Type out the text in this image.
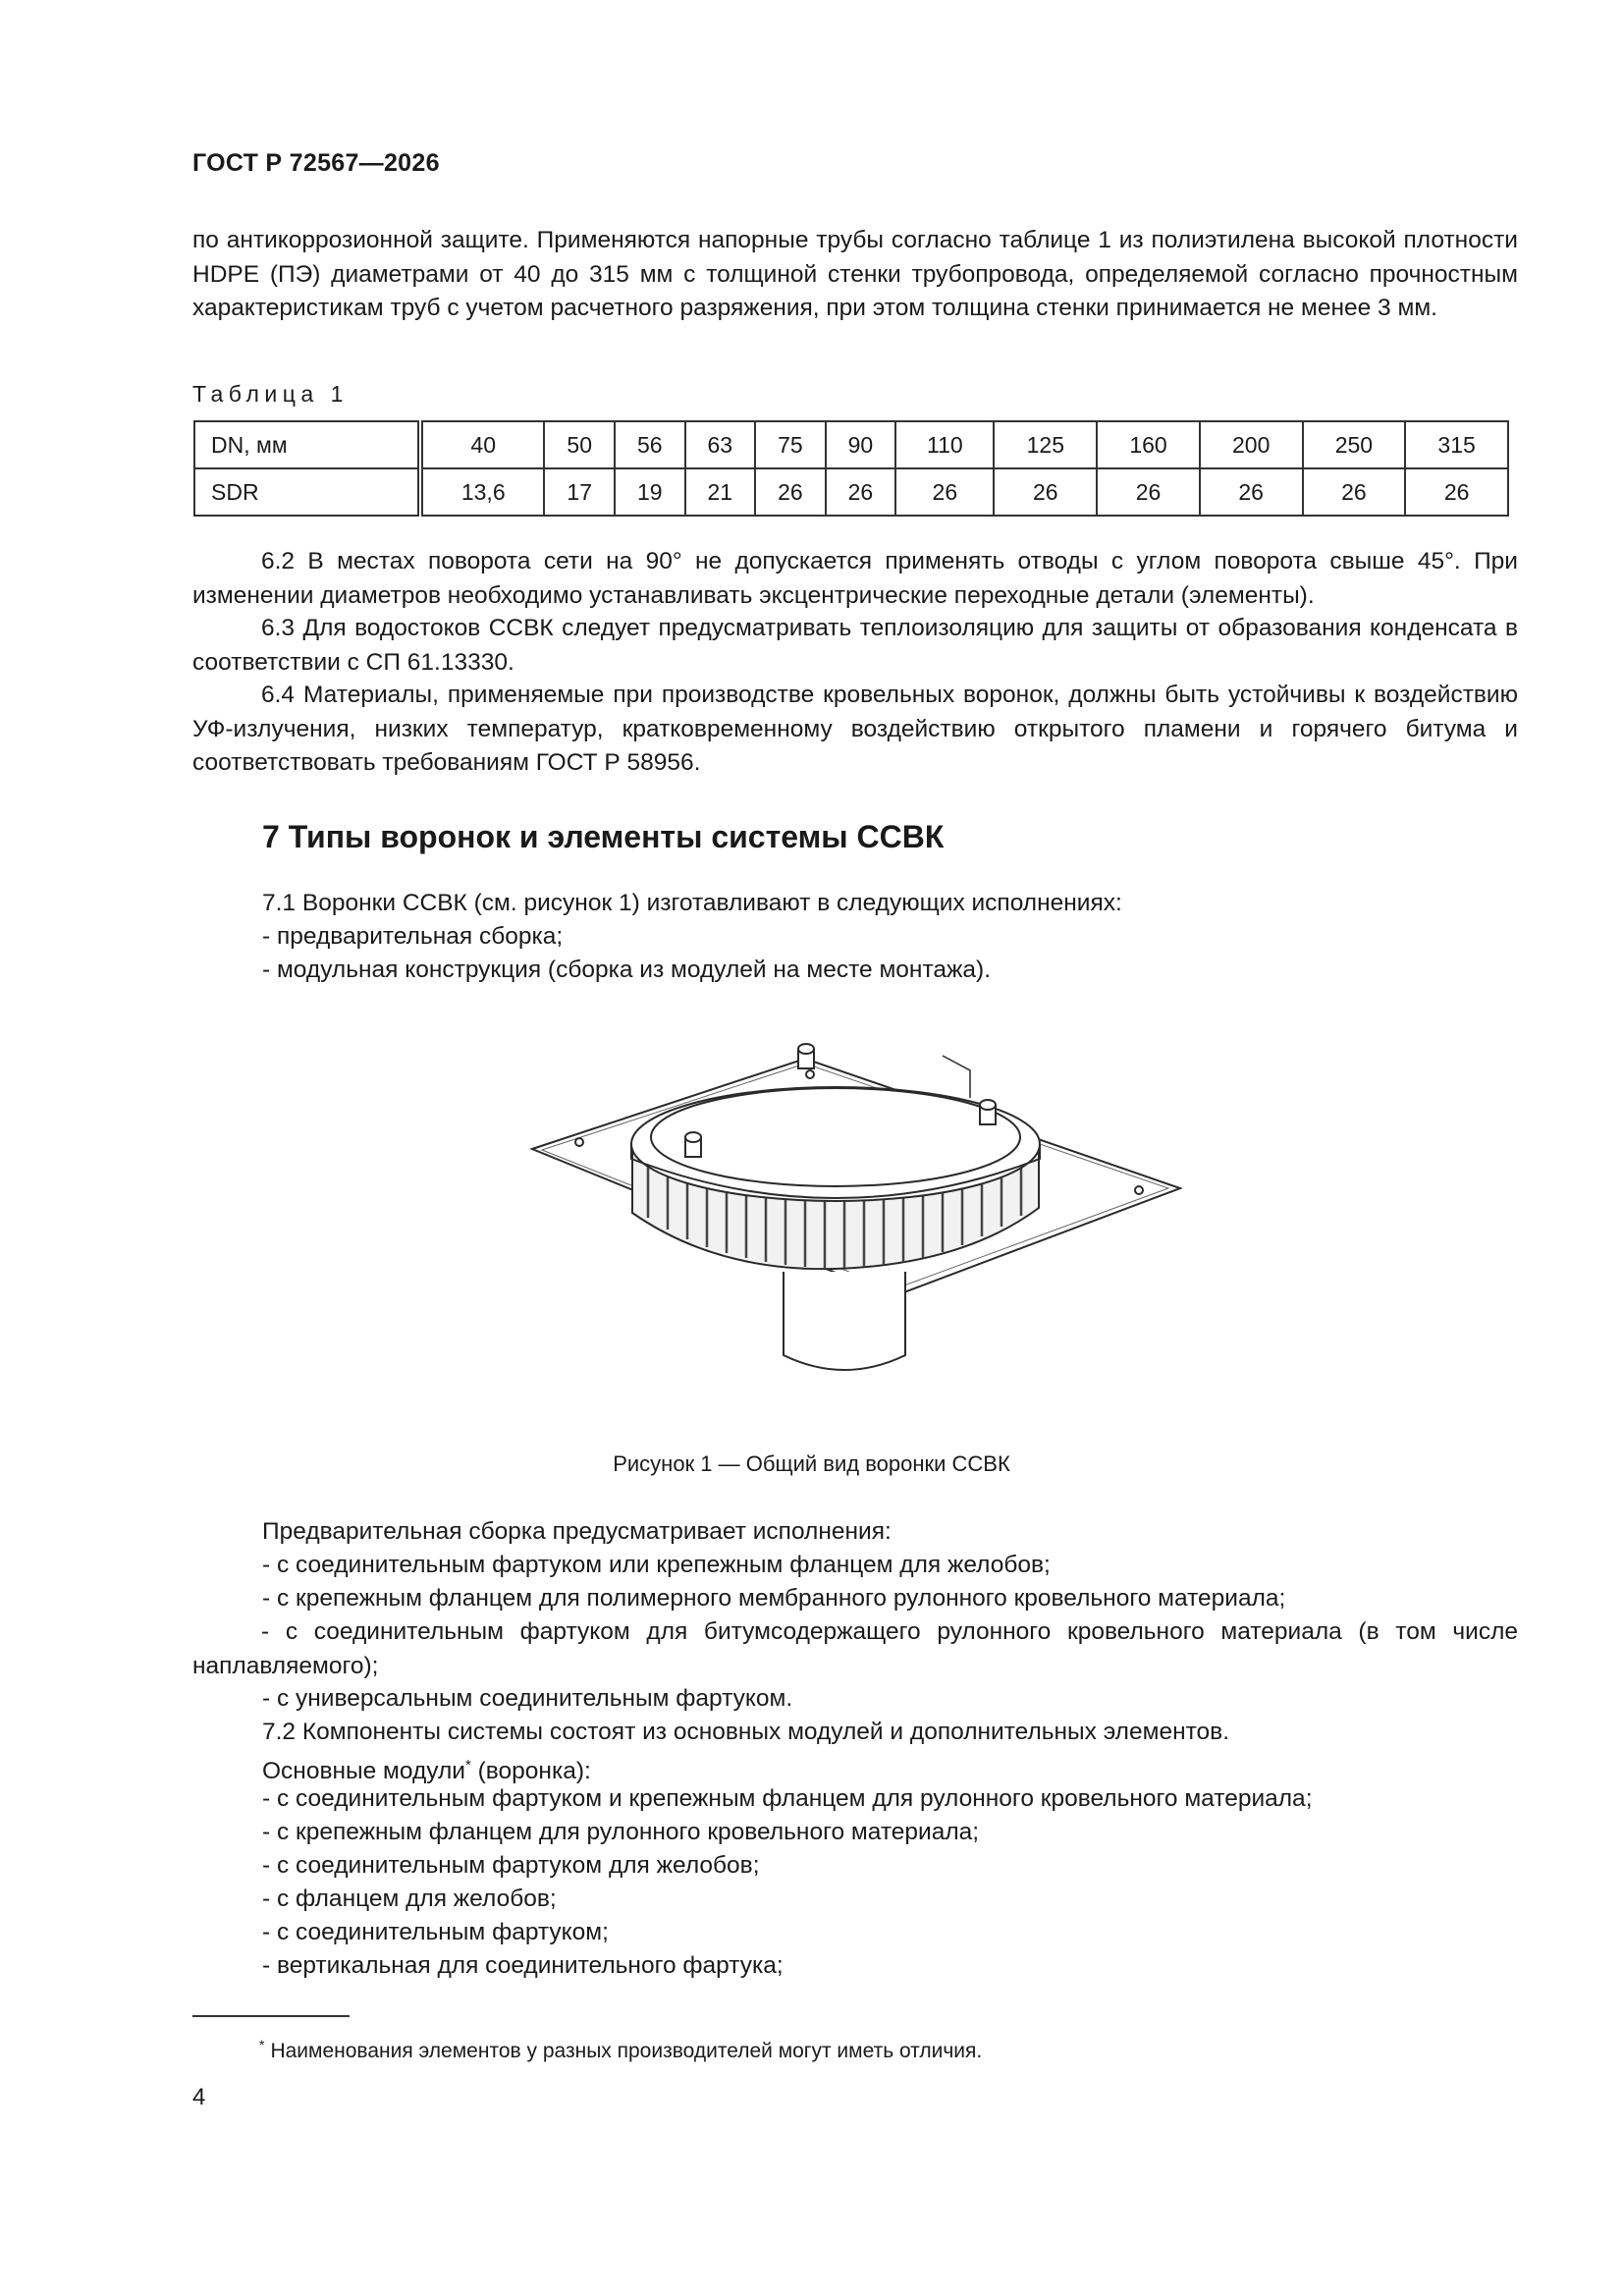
ГОСТ Р 72567—2026
по антикоррозионной защите. Применяются напорные трубы согласно таблице 1 из полиэтилена высокой плотности HDPE (ПЭ) диаметрами от 40 до 315 мм с толщиной стенки трубопровода, определяемой согласно прочностным характеристикам труб с учетом расчетного разряжения, при этом толщина стенки принимается не менее 3 мм.
Таблица 1
DN, мм	40	50	56	63	75	90	110	125	160	200	250	315
SDR	13,6	17	19	21	26	26	26	26	26	26	26	26
6.2 В местах поворота сети на 90° не допускается применять отводы с углом поворота свыше 45°. При изменении диаметров необходимо устанавливать эксцентрические переходные детали (элементы).
6.3 Для водостоков ССВК следует предусматривать теплоизоляцию для защиты от образования конденсата в соответствии с СП 61.13330.
6.4 Материалы, применяемые при производстве кровельных воронок, должны быть устойчивы к воздействию УФ-излучения, низких температур, кратковременному воздействию открытого пламени и горячего битума и соответствовать требованиям ГОСТ Р 58956.
7 Типы воронок и элементы системы ССВК
7.1 Воронки ССВК (см. рисунок 1) изготавливают в следующих исполнениях:
- предварительная сборка;
- модульная конструкция (сборка из модулей на месте монтажа).
Рисунок 1 — Общий вид воронки ССВК
Предварительная сборка предусматривает исполнения:
- с соединительным фартуком или крепежным фланцем для желобов;
- с крепежным фланцем для полимерного мембранного рулонного кровельного материала;
- с соединительным фартуком для битумсодержащего рулонного кровельного материала (в том числе наплавляемого);
- с универсальным соединительным фартуком.
7.2 Компоненты системы состоят из основных модулей и дополнительных элементов.
Основные модули* (воронка):
- с соединительным фартуком и крепежным фланцем для рулонного кровельного материала;
- с крепежным фланцем для рулонного кровельного материала;
- с соединительным фартуком для желобов;
- с фланцем для желобов;
- с соединительным фартуком;
- вертикальная для соединительного фартука;
* Наименования элементов у разных производителей могут иметь отличия.
4
